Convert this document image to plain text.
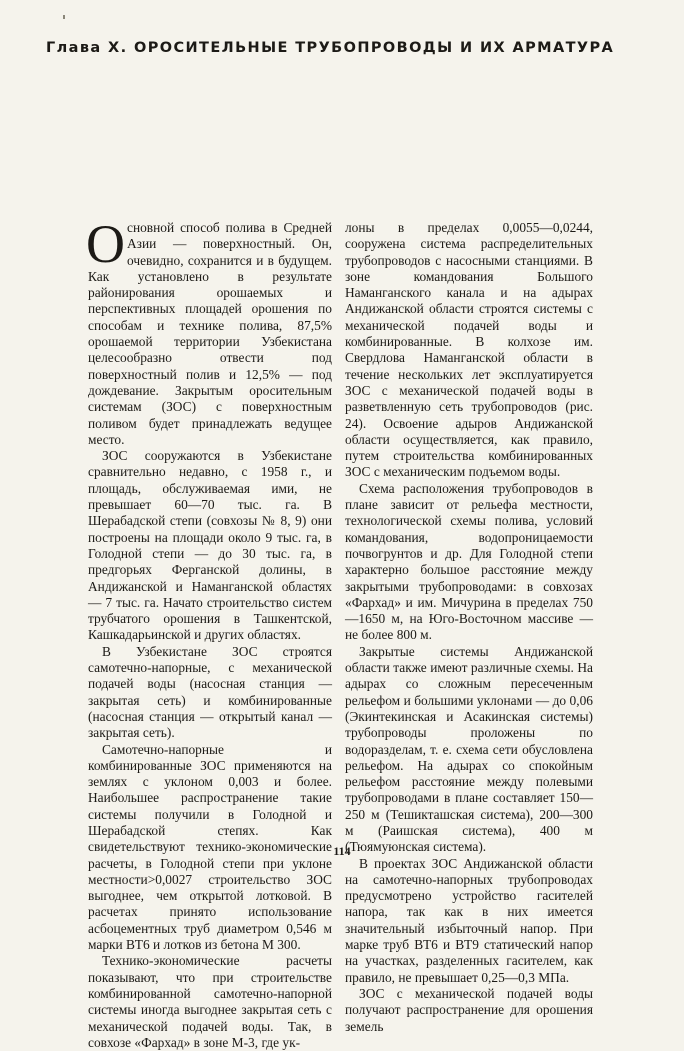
Глава X. ОРОСИТЕЛЬНЫЕ ТРУБОПРОВОДЫ И ИХ АРМАТУРА

Основной способ полива в Средней Азии — поверхностный. Он, очевидно, сохранится и в будущем. Как установлено в результате районирования орошаемых и перспективных площадей орошения по способам и технике полива, 87,5% орошаемой территории Узбекистана целесообразно отвести под поверхностный полив и 12,5% — под дождевание. Закрытым оросительным системам (ЗОС) с поверхностным поливом будет принадлежать ведущее место.

ЗОС сооружаются в Узбекистане сравнительно недавно, с 1958 г., и площадь, обслуживаемая ими, не превышает 60—70 тыс. га. В Шерабадской степи (совхозы № 8, 9) они построены на площади около 9 тыс. га, в Голодной степи — до 30 тыс. га, в предгорьях Ферганской долины, в Андижанской и Наманганской областях — 7 тыс. га. Начато строительство систем трубчатого орошения в Ташкентской, Кашкадарьинской и других областях.

В Узбекистане ЗОС строятся самотечно-напорные, с механической подачей воды (насосная станция — закрытая сеть) и комбинированные (насосная станция — открытый канал — закрытая сеть).

Самотечно-напорные и комбинированные ЗОС применяются на землях с уклоном 0,003 и более. Наибольшее распространение такие системы получили в Голодной и Шерабадской степях. Как свидетельствуют технико-экономические расчеты, в Голодной степи при уклоне местности>0,0027 строительство ЗОС выгоднее, чем открытой лотковой. В расчетах принято использование асбоцементных труб диаметром 0,546 м марки ВТ6 и лотков из бетона М 300.

Технико-экономические расчеты показывают, что при строительстве комбинированной самотечно-напорной системы иногда выгоднее закрытая сеть с механической подачей воды. Так, в совхозе «Фархад» в зоне М-3, где ук-

лоны в пределах 0,0055—0,0244, сооружена система распределительных трубопроводов с насосными станциями. В зоне командования Большого Наманганского канала и на адырах Андижанской области строятся системы с механической подачей воды и комбинированные. В колхозе им. Свердлова Наманганской области в течение нескольких лет эксплуатируется ЗОС с механической подачей воды в разветвленную сеть трубопроводов (рис. 24). Освоение адыров Андижанской области осуществляется, как правило, путем строительства комбинированных ЗОС с механическим подъемом воды.

Схема расположения трубопроводов в плане зависит от рельефа местности, технологической схемы полива, условий командования, водопроницаемости почвогрунтов и др. Для Голодной степи характерно большое расстояние между закрытыми трубопроводами: в совхозах «Фархад» и им. Мичурина в пределах 750—1650 м, на Юго-Восточном массиве — не более 800 м.

Закрытые системы Андижанской области также имеют различные схемы. На адырах со сложным пересеченным рельефом и большими уклонами — до 0,06 (Экинтекинская и Асакинская системы) трубопроводы проложены по водоразделам, т. е. схема сети обусловлена рельефом. На адырах со спокойным рельефом расстояние между полевыми трубопроводами в плане составляет 150—250 м (Тешикташская система), 200—300 м (Раишская система), 400 м (Тюямуюнская система).

В проектах ЗОС Андижанской области на самотечно-напорных трубопроводах предусмотрено устройство гасителей напора, так как в них имеется значительный избыточный напор. При марке труб ВТ6 и ВТ9 статический напор на участках, разделенных гасителем, как правило, не превышает 0,25—0,3 МПа.

ЗОС с механической подачей воды получают распространение для орошения земель

114
